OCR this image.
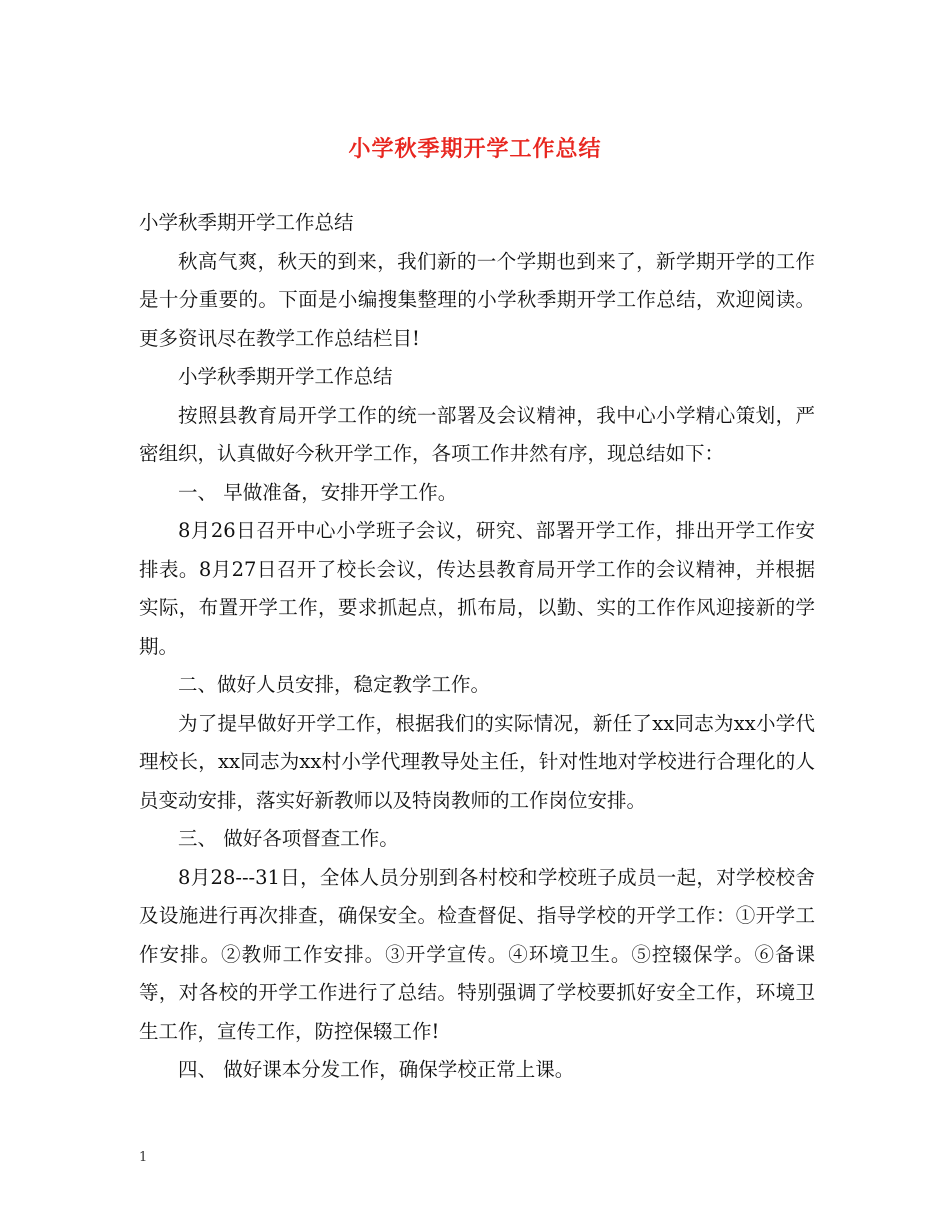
小学秋季期开学工作总结

小学秋季期开学工作总结

秋高气爽，秋天的到来，我们新的一个学期也到来了，新学期开学的工作是十分重要的。下面是小编搜集整理的小学秋季期开学工作总结，欢迎阅读。更多资讯尽在教学工作总结栏目!

小学秋季期开学工作总结

按照县教育局开学工作的统一部署及会议精神，我中心小学精心策划，严密组织，认真做好今秋开学工作，各项工作井然有序，现总结如下：

一、 早做准备，安排开学工作。

8月26日召开中心小学班子会议，研究、部署开学工作，排出开学工作安排表。8月27日召开了校长会议，传达县教育局开学工作的会议精神，并根据实际，布置开学工作，要求抓起点，抓布局，以勤、实的工作作风迎接新的学期。

二、做好人员安排，稳定教学工作。

为了提早做好开学工作，根据我们的实际情况，新任了xx同志为xx小学代理校长，xx同志为xx村小学代理教导处主任，针对性地对学校进行合理化的人员变动安排，落实好新教师以及特岗教师的工作岗位安排。

三、 做好各项督查工作。

8月28---31日，全体人员分别到各村校和学校班子成员一起，对学校校舍及设施进行再次排查，确保安全。检查督促、指导学校的开学工作：①开学工作安排。②教师工作安排。③开学宣传。④环境卫生。⑤控辍保学。⑥备课等，对各校的开学工作进行了总结。特别强调了学校要抓好安全工作，环境卫生工作，宣传工作，防控保辍工作!

四、 做好课本分发工作，确保学校正常上课。

1
